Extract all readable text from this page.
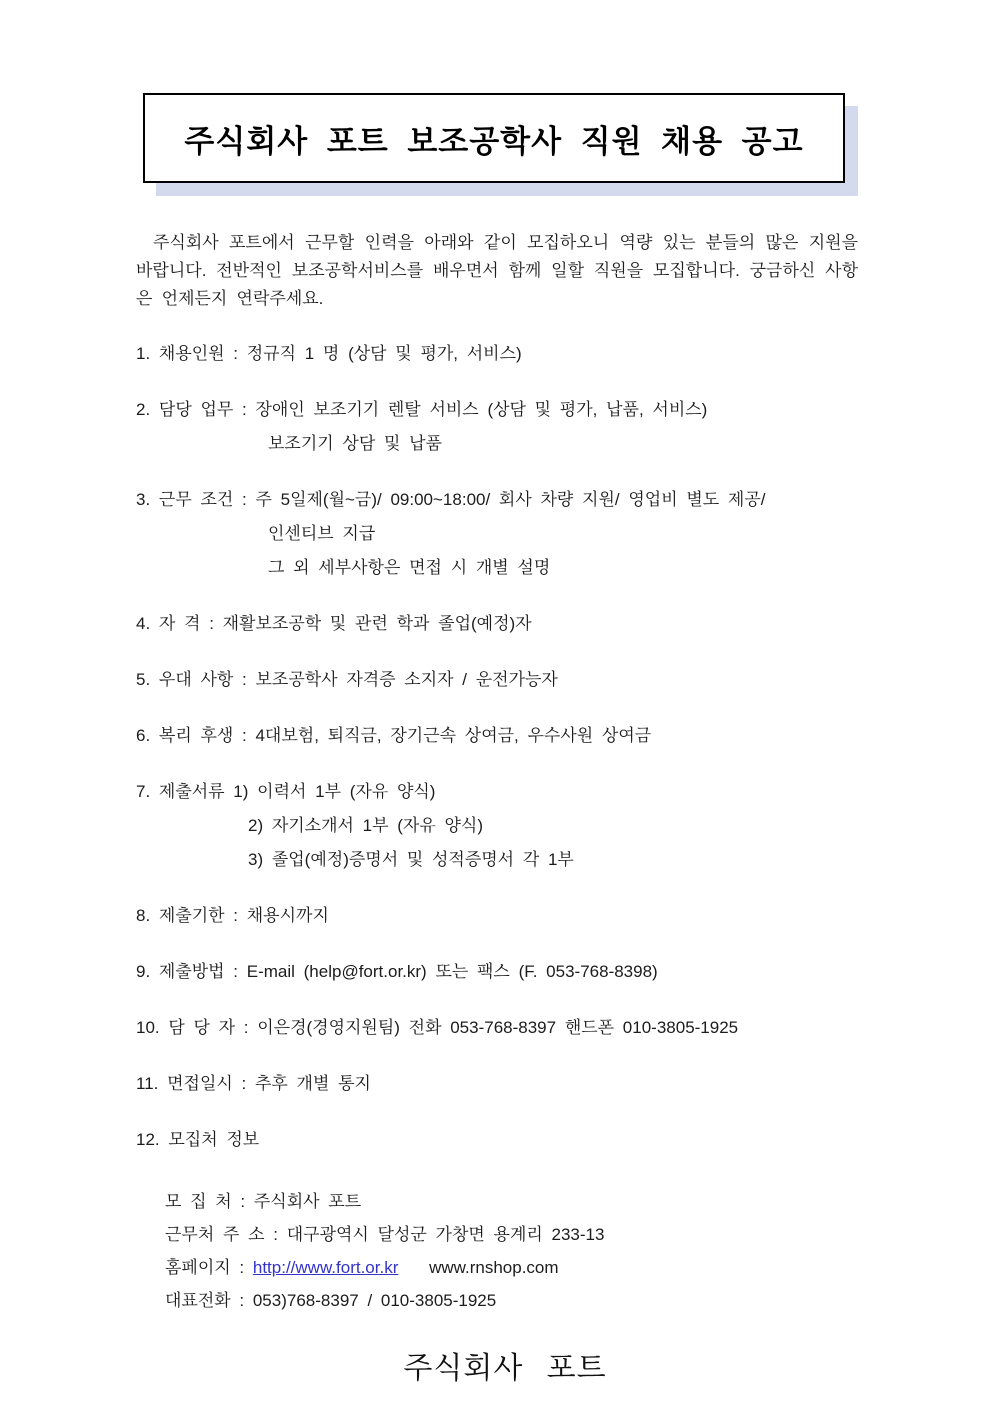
주식회사 포트 보조공학사 직원 채용 공고

주식회사 포트에서 근무할 인력을 아래와 같이 모집하오니 역량 있는 분들의 많은 지원을 바랍니다. 전반적인 보조공학서비스를 배우면서 함께 일할 직원을 모집합니다. 궁금하신 사항은 언제든지 연락주세요.

1. 채용인원 : 정규직 1 명 (상담 및 평가, 서비스)

2. 담당 업무 : 장애인 보조기기 렌탈 서비스 (상담 및 평가, 납품, 서비스)

보조기기 상담 및 납품

3. 근무 조건 : 주 5일제(월~금)/ 09:00~18:00/ 회사 차량 지원/ 영업비 별도 제공/

인센티브 지급

그 외 세부사항은 면접 시 개별 설명

4. 자 격 : 재활보조공학 및 관련 학과 졸업(예정)자

5. 우대 사항 : 보조공학사 자격증 소지자 / 운전가능자

6. 복리 후생 : 4대보험, 퇴직금, 장기근속 상여금, 우수사원 상여금

7. 제출서류 1) 이력서 1부 (자유 양식)

2) 자기소개서 1부 (자유 양식)

3) 졸업(예정)증명서 및 성적증명서 각 1부

8. 제출기한 : 채용시까지

9. 제출방법 : E-mail (help@fort.or.kr) 또는 팩스 (F. 053-768-8398)

10. 담 당 자 : 이은경(경영지원팀) 전화 053-768-8397 핸드폰 010-3805-1925

11. 면접일시 : 추후 개별 통지

12. 모집처 정보

모 집 처 : 주식회사 포트

근무처 주 소 : 대구광역시 달성군 가창면 용계리 233-13

홈페이지 : http://www.fort.or.kr www.rnshop.com

대표전화 : 053)768-8397 / 010-3805-1925

주식회사 포트
